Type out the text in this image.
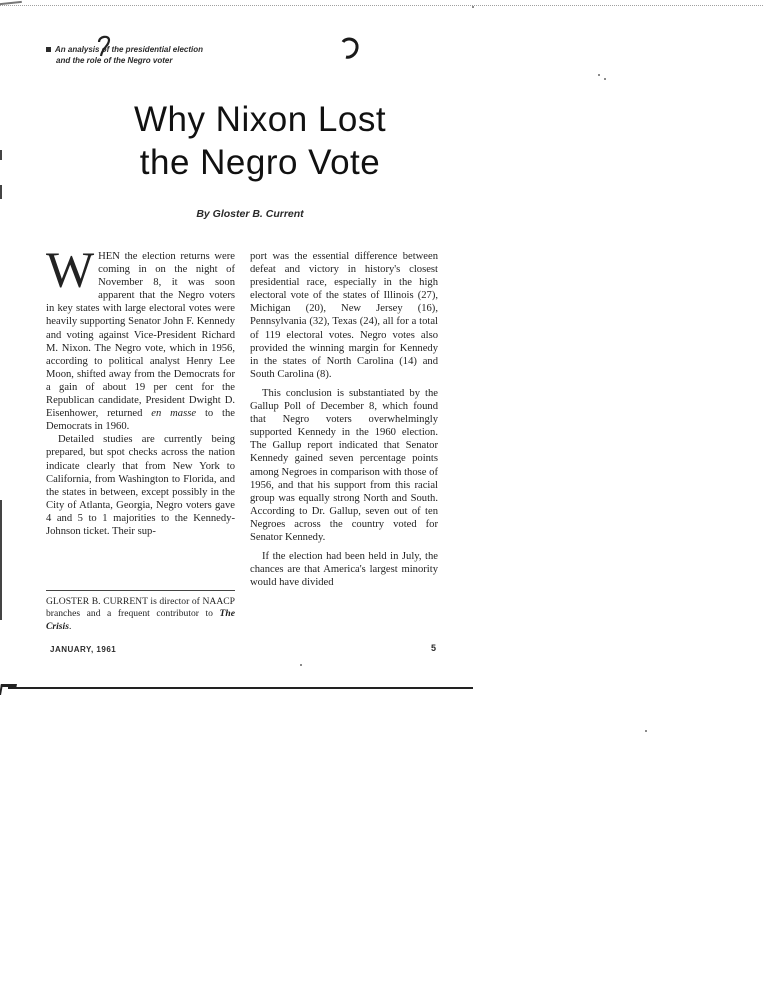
An analysis of the presidential election
and the role of the Negro voter
Why Nixon Lost
the Negro Vote
By Gloster B. Current

WHEN the election returns were coming in on the night of November 8, it was soon apparent that the Negro voters in key states with large electoral votes were heavily supporting Senator John F. Kennedy and voting against Vice-President Richard M. Nixon. The Negro vote, which in 1956, according to political analyst Henry Lee Moon, shifted away from the Democrats for a gain of about 19 per cent for the Republican candidate, President Dwight D. Eisenhower, returned en masse to the Democrats in 1960.

Detailed studies are currently being prepared, but spot checks across the nation indicate clearly that from New York to California, from Washington to Florida, and the states in between, except possibly in the City of Atlanta, Georgia, Negro voters gave 4 and 5 to 1 majorities to the Kennedy-Johnson ticket. Their sup-

port was the essential difference between defeat and victory in history's closest presidential race, especially in the high electoral vote of the states of Illinois (27), Michigan (20), New Jersey (16), Pennsylvania (32), Texas (24), all for a total of 119 electoral votes. Negro votes also provided the winning margin for Kennedy in the states of North Carolina (14) and South Carolina (8).

This conclusion is substantiated by the Gallup Poll of December 8, which found that Negro voters overwhelmingly supported Kennedy in the 1960 election. The Gallup report indicated that Senator Kennedy gained seven percentage points among Negroes in comparison with those of 1956, and that his support from this racial group was equally strong North and South. According to Dr. Gallup, seven out of ten Negroes across the country voted for Senator Kennedy.

If the election had been held in July, the chances are that America's largest minority would have divided

GLOSTER B. CURRENT is director of NAACP branches and a frequent contributor to The Crisis.
JANUARY, 1961	5
